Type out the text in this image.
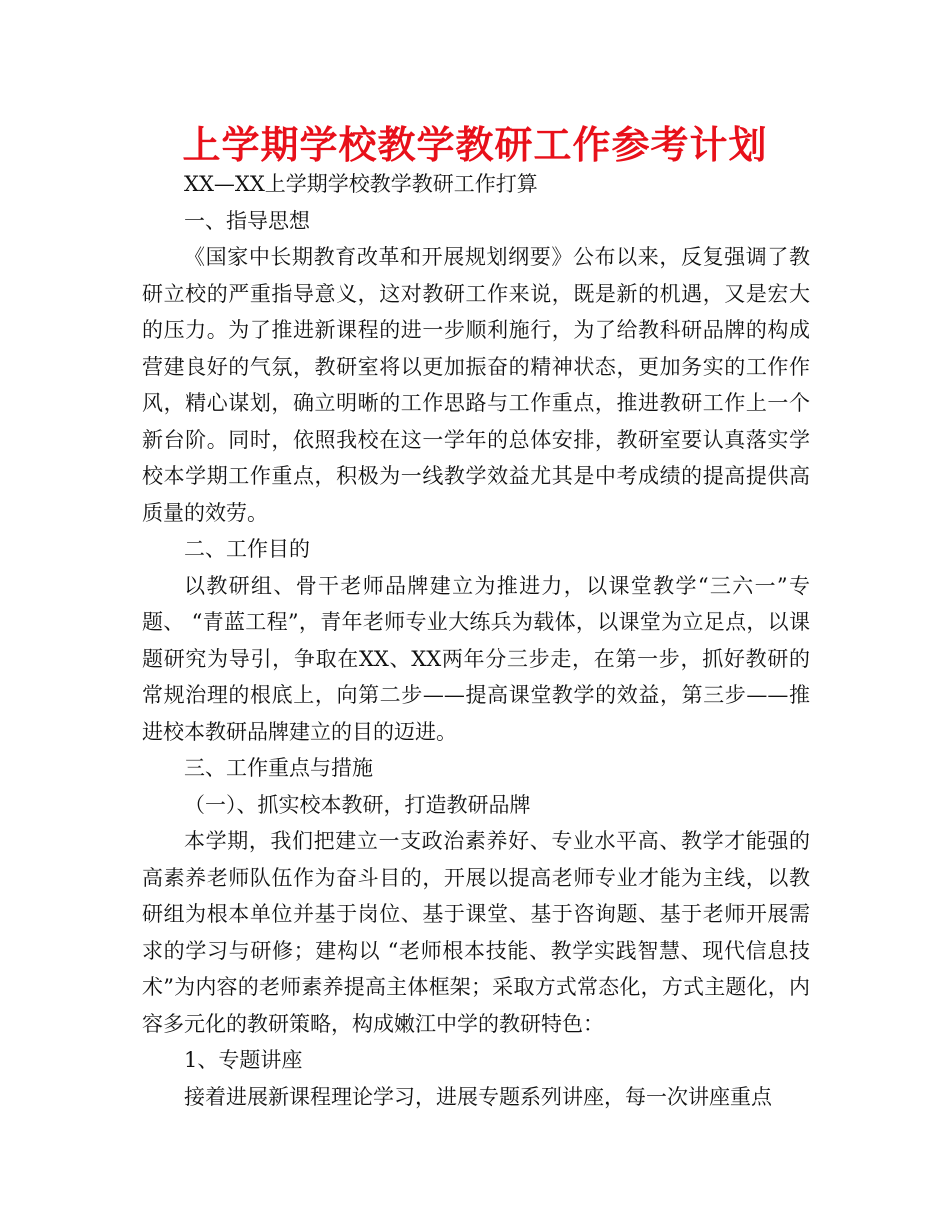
上学期学校教学教研工作参考计划

XX—XX上学期学校教学教研工作打算

一、指导思想

《国家中长期教育改革和开展规划纲要》公布以来，反复强调了教研立校的严重指导意义，这对教研工作来说，既是新的机遇，又是宏大的压力。为了推进新课程的进一步顺利施行，为了给教科研品牌的构成营建良好的气氛，教研室将以更加振奋的精神状态，更加务实的工作作风，精心谋划，确立明晰的工作思路与工作重点，推进教研工作上一个新台阶。同时，依照我校在这一学年的总体安排，教研室要认真落实学校本学期工作重点，积极为一线教学效益尤其是中考成绩的提高提供高质量的效劳。

二、工作目的

以教研组、骨干老师品牌建立为推进力，以课堂教学“三六一”专题、 “青蓝工程”，青年老师专业大练兵为载体，以课堂为立足点，以课题研究为导引，争取在XX、XX两年分三步走，在第一步，抓好教研的常规治理的根底上，向第二步——提高课堂教学的效益，第三步——推进校本教研品牌建立的目的迈进。

三、工作重点与措施

（一）、抓实校本教研，打造教研品牌

本学期，我们把建立一支政治素养好、专业水平高、教学才能强的高素养老师队伍作为奋斗目的，开展以提高老师专业才能为主线，以教研组为根本单位并基于岗位、基于课堂、基于咨询题、基于老师开展需求的学习与研修；建构以 “老师根本技能、教学实践智慧、现代信息技术”为内容的老师素养提高主体框架；采取方式常态化，方式主题化，内容多元化的教研策略，构成嫩江中学的教研特色：

1、专题讲座

接着进展新课程理论学习，进展专题系列讲座，每一次讲座重点
